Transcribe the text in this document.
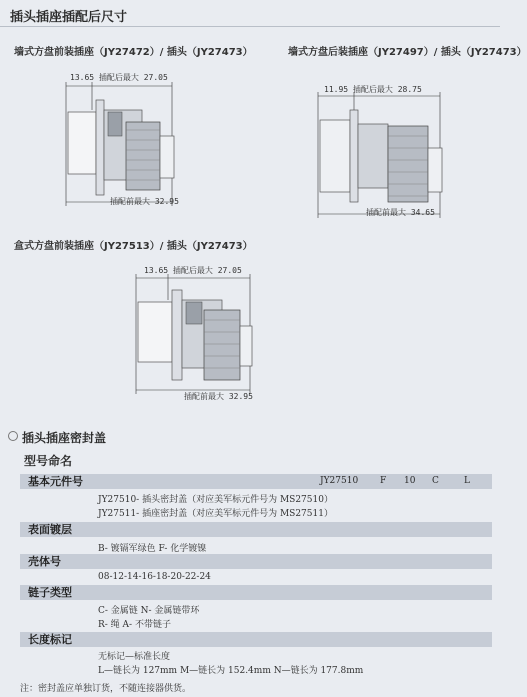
插头插座插配后尺寸
墙式方盘前装插座（JY27472）/ 插头（JY27473）
13.65 插配后最大 27.05
插配前最大 32.95
墙式方盘后装插座（JY27497）/ 插头（JY27473）
11.95 插配后最大 28.75
插配前最大 34.65
盒式方盘前装插座（JY27513）/ 插头（JY27473）
13.65 插配后最大 27.05
插配前最大 32.95
插头插座密封盖
型号命名
基本元件号	JY27510 F 10 C	L
JY27510- 插头密封盖（对应美军标元件号为 MS27510）
JY27511- 插座密封盖（对应美军标元件号为 MS27511）
表面镀层
B- 镀镉军绿色 F- 化学镀镍
壳体号
08-12-14-16-18-20-22-24
链子类型
C- 金属链 N- 金属链带环
R- 绳 A- 不带链子
长度标记
无标记—标准长度
L—链长为 127mm M—链长为 152.4mm N—链长为 177.8mm
注：密封盖应单独订货，不随连接器供货。
